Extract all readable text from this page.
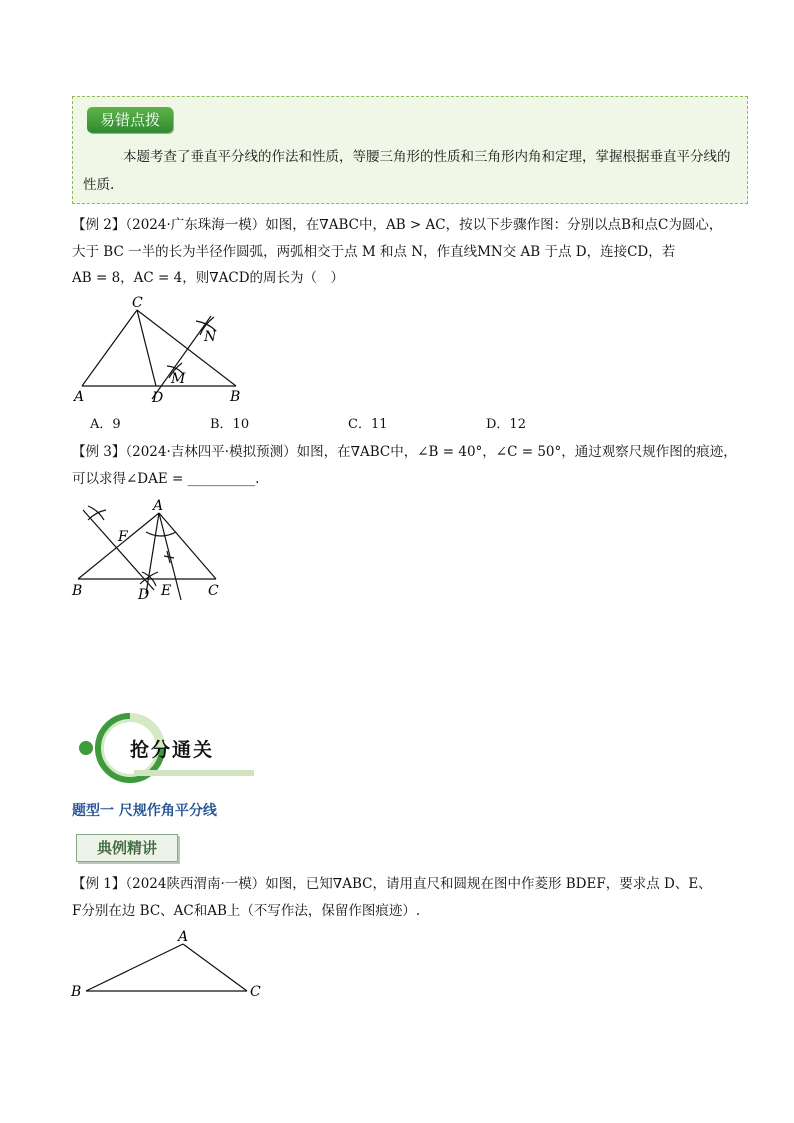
易错点拨
本题考查了垂直平分线的作法和性质，等腰三角形的性质和三角形内角和定理，掌握根据垂直平分线的性质.
【例 2】（2024·广东珠海一模）如图，在∇ABC中，AB > AC，按以下步骤作图：分别以点B和点C为圆心，
大于 BC 一半的长为半径作圆弧，两弧相交于点 M 和点 N，作直线MN交 AB 于点 D，连接CD，若
AB = 8，AC = 4，则∇ACD的周长为（　）
C
N
M
A	D	B
A．9	B．10	C．11	D．12
【例 3】（2024·吉林四平·模拟预测）如图，在∇ABC中，∠B = 40°，∠C = 50°，通过观察尺规作图的痕迹，
可以求得∠DAE = __________.
A
F
B	D E	C
抢分通关
题型一 尺规作角平分线
典例精讲
【例 1】（2024陕西渭南·一模）如图，已知∇ABC，请用直尺和圆规在图中作菱形 BDEF，要求点 D、E、
F分别在边 BC、AC和AB上（不写作法，保留作图痕迹）.
A
B	C
